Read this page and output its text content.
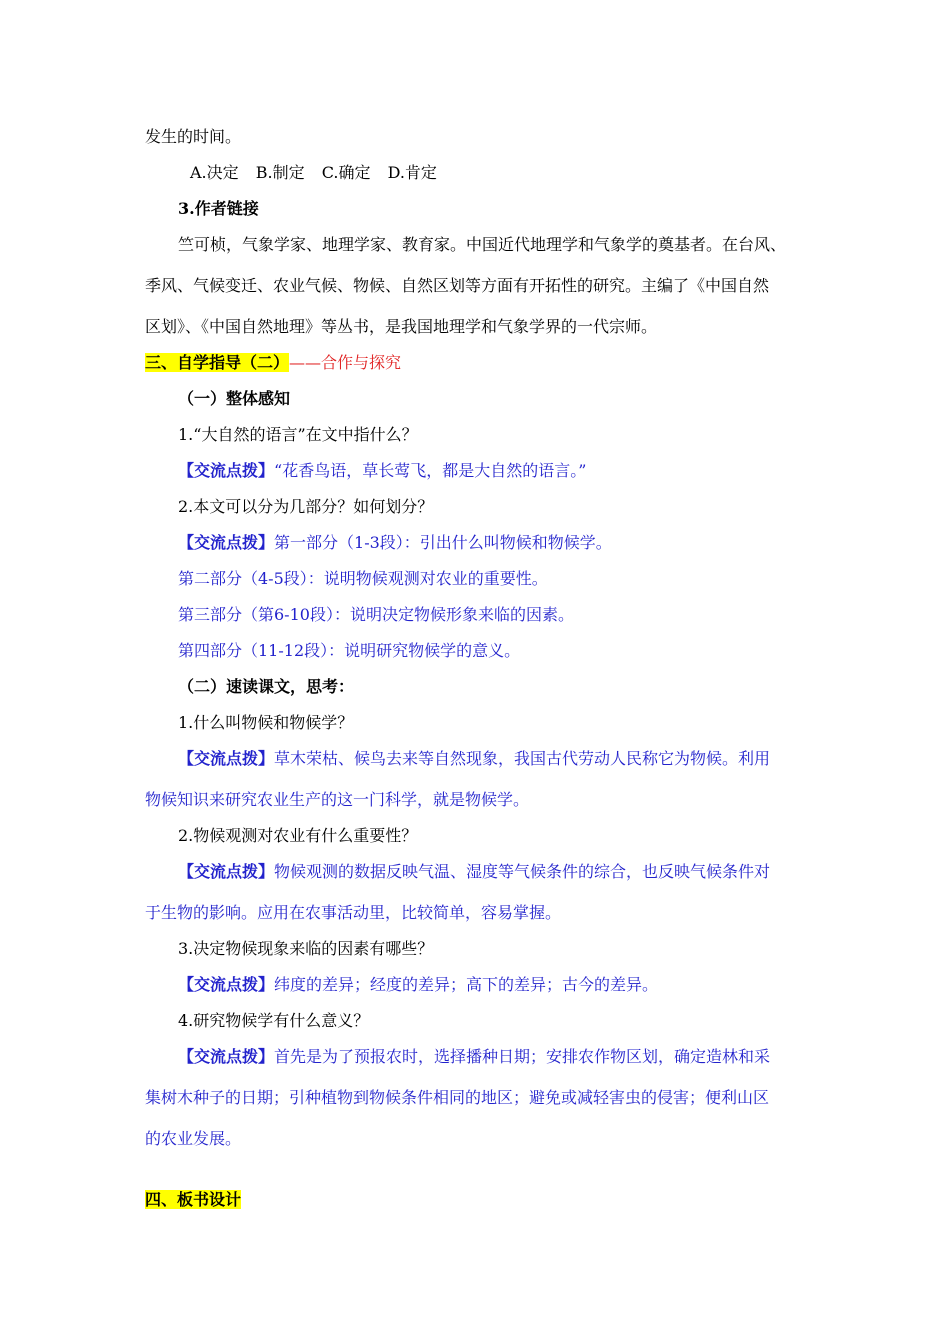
发生的时间。
A.决定 B.制定 C.确定 D.肯定
3.作者链接
竺可桢，气象学家、地理学家、教育家。中国近代地理学和气象学的奠基者。在台风、
季风、气候变迁、农业气候、物候、自然区划等方面有开拓性的研究。主编了《中国自然
区划》、《中国自然地理》等丛书，是我国地理学和气象学界的一代宗师。
三、自学指导（二）——合作与探究
（一）整体感知
1.“大自然的语言”在文中指什么？
【交流点拨】“花香鸟语，草长莺飞，都是大自然的语言。”
2.本文可以分为几部分？如何划分？
【交流点拨】第一部分（1-3段）：引出什么叫物候和物候学。
第二部分（4-5段）：说明物候观测对农业的重要性。
第三部分（第6-10段）：说明决定物候形象来临的因素。
第四部分（11-12段）：说明研究物候学的意义。
（二）速读课文，思考：
1.什么叫物候和物候学？
【交流点拨】草木荣枯、候鸟去来等自然现象，我国古代劳动人民称它为物候。利用
物候知识来研究农业生产的这一门科学，就是物候学。
2.物候观测对农业有什么重要性？
【交流点拨】物候观测的数据反映气温、湿度等气候条件的综合，也反映气候条件对
于生物的影响。应用在农事活动里，比较简单，容易掌握。
3.决定物候现象来临的因素有哪些？
【交流点拨】纬度的差异；经度的差异；高下的差异；古今的差异。
4.研究物候学有什么意义？
【交流点拨】首先是为了预报农时，选择播种日期；安排农作物区划，确定造林和采
集树木种子的日期；引种植物到物候条件相同的地区；避免或减轻害虫的侵害；便利山区
的农业发展。
四、板书设计
